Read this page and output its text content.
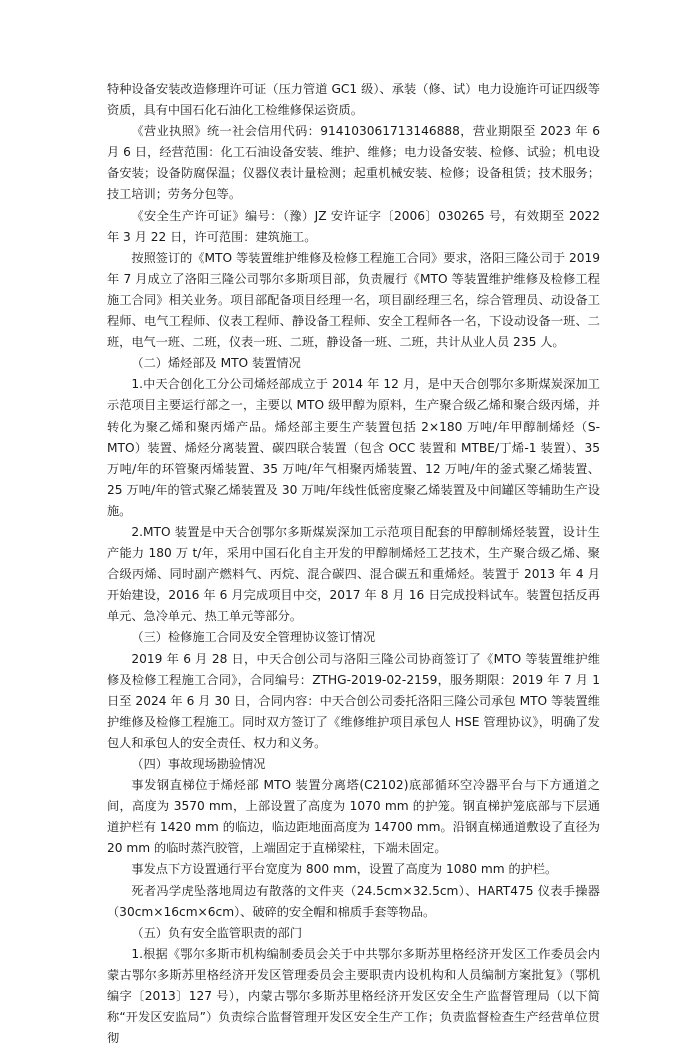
特种设备安装改造修理许可证（压力管道 GC1 级）、承装（修、试）电力设施许可证四级等资质，具有中国石化石油化工检维修保运资质。

《营业执照》统一社会信用代码：91410306171314688​8，营业期限至 2023 年 6 月 6 日，经营范围：化工石油设备安装、维护、维修；电力设备安装、检修、试验；机电设备安装；设备防腐保温；仪器仪表计量检测；起重机械安装、检修；设备租赁；技术服务；技工培训；劳务分包等。

《安全生产许可证》编号：（豫）JZ 安许证字〔2006〕030265 号，有效期至 2022 年 3 月 22 日，许可范围：建筑施工。

按照签订的《MTO 等装置维护维修及检修工程施工合同》要求，洛阳三隆公司于 2019 年 7 月成立了洛阳三隆公司鄂尔多斯项目部，负责履行《MTO 等装置维护维修及检修工程施工合同》相关业务。项目部配备项目经理一名，项目副经理三名，综合管理员、动设备工程师、电气工程师、仪表工程师、静设备工程师、安全工程师各一名，下设动设备一班、二班，电气一班、二班，仪表一班、二班，静设备一班、二班，共计从业人员 235 人。

（二）烯烃部及 MTO 装置情况

1.中天合创化工分公司烯烃部成立于 2014 年 12 月，是中天合创鄂尔多斯煤炭深加工示范项目主要运行部之一，主要以 MTO 级甲醇为原料，生产聚合级乙烯和聚合级丙烯，并转化为聚乙烯和聚丙烯产品。烯烃部主要生产装置包括 2×180 万吨/年甲醇制烯烃（S-MTO）装置、烯烃分离装置、碳四联合装置（包含 OCC 装置和 MTBE/丁烯-1 装置）、35 万吨/年的环管聚丙烯装置、35 万吨/年气相聚丙烯装置、12 万吨/年的釜式聚乙烯装置、25 万吨/年的管式聚乙烯装置及 30 万吨/年线性低密度聚乙烯装置及中间罐区等辅助生产设施。

2.MTO 装置是中天合创鄂尔多斯煤炭深加工示范项目配套的甲醇制烯烃装置，设计生产能力 180 万 t/年，采用中国石化自主开发的甲醇制烯烃工艺技术，生产聚合级乙烯、聚合级丙烯、同时副产燃料气、丙烷、混合碳四、混合碳五和重烯烃。装置于 2013 年 4 月开始建设，2016 年 6 月完成项目中交，2017 年 8 月 16 日完成投料试车。装置包括反再单元、急冷单元、热工单元等部分。

（三）检修施工合同及安全管理协议签订情况

2019 年 6 月 28 日，中天合创公司与洛阳三隆公司协商签订了《MTO 等装置维护维修及检修工程施工合同》，合同编号：ZTHG-2019-02-2159，服务期限：2019 年 7 月 1 日至 2024 年 6 月 30 日，合同内容：中天合创公司委托洛阳三隆公司承包 MTO 等装置维护维修及检修工程施工。同时双方签订了《维修维护项目承包人 HSE 管理协议》，明确了发包人和承包人的安全责任、权力和义务。

（四）事故现场勘验情况

事发钢直梯位于烯烃部 MTO 装置分离塔(C2102)底部循环空冷器平台与下方通道之间，高度为 3570 mm，上部设置了高度为 1070 mm 的护笼。钢直梯护笼底部与下层通道护栏有 1420 mm 的临边，临边距地面高度为 14700 mm。沿钢直梯通道敷设了直径为 20 mm 的临时蒸汽胶管，上端固定于直梯梁柱，下端未固定。

事发点下方设置通行平台宽度为 800 mm，设置了高度为 1080 mm 的护栏。

死者冯学虎坠落地周边有散落的文件夹（24.5cm×32.5cm）、HART475 仪表手操器（30cm×16cm×6cm）、破碎的安全帽和棉质手套等物品。

（五）负有安全监管职责的部门

1.根据《鄂尔多斯市机构编制委员会关于中共鄂尔多斯苏里格经济开发区工作委员会内蒙古鄂尔多斯苏里格经济开发区管理委员会主要职责内设机构和人员编制方案批复》（鄂机编字〔2013〕127 号），内蒙古鄂尔多斯苏里格经济开发区安全生产监督管理局（以下简称“开发区安监局”）负责综合监督管理开发区安全生产工作；负责监督检查生产经营单位贯彻
